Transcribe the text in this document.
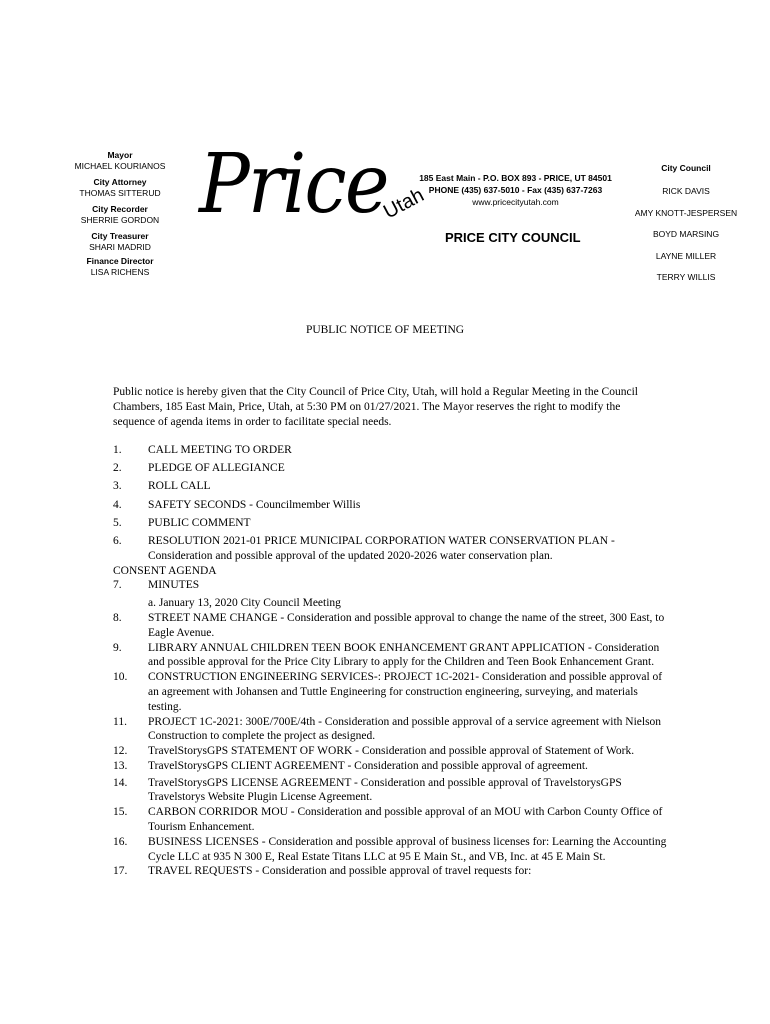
Mayor
MICHAEL KOURIANOS
City Attorney
THOMAS SITTERUD
City Recorder
SHERRIE GORDON
City Treasurer
SHARI MADRID
Finance Director
LISA RICHENS
Price
Utah
185 East Main - P.O. BOX 893 - PRICE, UT 84501
PHONE (435) 637-5010 - Fax (435) 637-7263
www.pricecityutah.com
PRICE CITY COUNCIL
City Council
RICK DAVIS
AMY KNOTT-JESPERSEN
BOYD MARSING
LAYNE MILLER
TERRY WILLIS
PUBLIC NOTICE OF MEETING
Public notice is hereby given that the City Council of Price City, Utah, will hold a Regular Meeting in the Council Chambers, 185 East Main, Price, Utah, at 5:30 PM on 01/27/2021. The Mayor reserves the right to modify the sequence of agenda items in order to facilitate special needs.
1.	CALL MEETING TO ORDER
2.	PLEDGE OF ALLEGIANCE
3.	ROLL CALL
4.	SAFETY SECONDS - Councilmember Willis
5.	PUBLIC COMMENT
6.	RESOLUTION 2021-01 PRICE MUNICIPAL CORPORATION WATER CONSERVATION PLAN - Consideration and possible approval of the updated 2020-2026 water conservation plan.
CONSENT AGENDA
7.	MINUTES
a. January 13, 2020 City Council Meeting
8.	STREET NAME CHANGE - Consideration and possible approval to change the name of the street, 300 East, to Eagle Avenue.
9.	LIBRARY ANNUAL CHILDREN TEEN BOOK ENHANCEMENT GRANT APPLICATION - Consideration and possible approval for the Price City Library to apply for the Children and Teen Book Enhancement Grant.
10.	CONSTRUCTION ENGINEERING SERVICES-: PROJECT 1C-2021- Consideration and possible approval of an agreement with Johansen and Tuttle Engineering for construction engineering, surveying, and materials testing.
11.	PROJECT 1C-2021: 300E/700E/4th - Consideration and possible approval of a service agreement with Nielson Construction to complete the project as designed.
12.	TravelStorysGPS STATEMENT OF WORK - Consideration and possible approval of Statement of Work.
13.	TravelStorysGPS CLIENT AGREEMENT - Consideration and possible approval of agreement.
14.	TravelStorysGPS LICENSE AGREEMENT - Consideration and possible approval of TravelstorysGPS Travelstorys Website Plugin License Agreement.
15.	CARBON CORRIDOR MOU - Consideration and possible approval of an MOU with Carbon County Office of Tourism Enhancement.
16.	BUSINESS LICENSES - Consideration and possible approval of business licenses for: Learning the Accounting Cycle LLC at 935 N 300 E, Real Estate Titans LLC at 95 E Main St., and VB, Inc. at 45 E Main St.
17.	TRAVEL REQUESTS - Consideration and possible approval of travel requests for:
